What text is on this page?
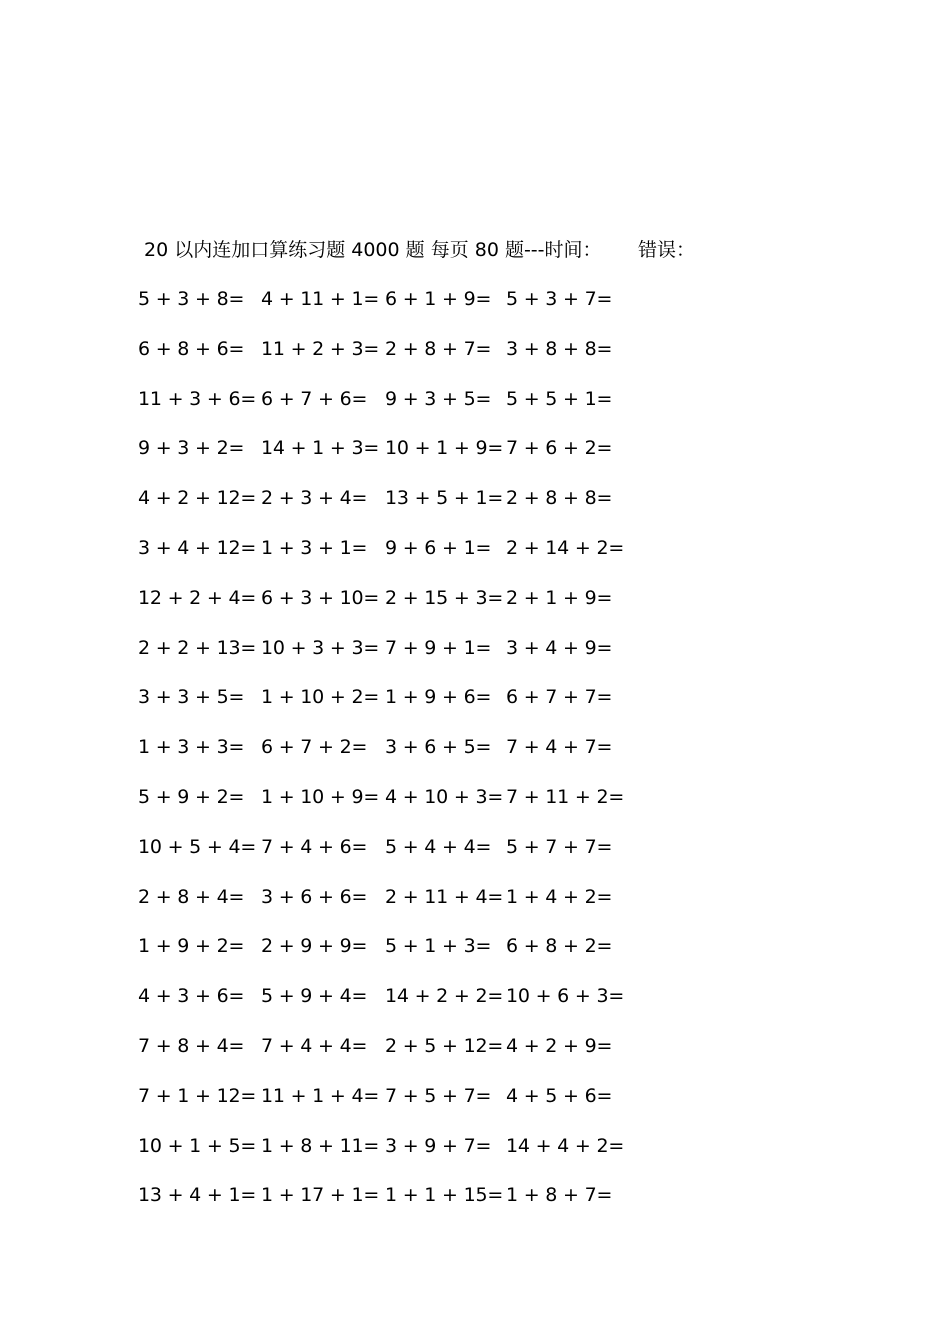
20 以内连加口算练习题 4000 题 每页 80 题---时间： 错误：
5 + 3 + 8= 4 + 11 + 1= 6 + 1 + 9= 5 + 3 + 7=
6 + 8 + 6= 11 + 2 + 3= 2 + 8 + 7= 3 + 8 + 8=
11 + 3 + 6= 6 + 7 + 6= 9 + 3 + 5= 5 + 5 + 1=
9 + 3 + 2= 14 + 1 + 3= 10 + 1 + 9= 7 + 6 + 2=
4 + 2 + 12= 2 + 3 + 4= 13 + 5 + 1= 2 + 8 + 8=
3 + 4 + 12= 1 + 3 + 1= 9 + 6 + 1= 2 + 14 + 2=
12 + 2 + 4= 6 + 3 + 10= 2 + 15 + 3= 2 + 1 + 9=
2 + 2 + 13= 10 + 3 + 3= 7 + 9 + 1= 3 + 4 + 9=
3 + 3 + 5= 1 + 10 + 2= 1 + 9 + 6= 6 + 7 + 7=
1 + 3 + 3= 6 + 7 + 2= 3 + 6 + 5= 7 + 4 + 7=
5 + 9 + 2= 1 + 10 + 9= 4 + 10 + 3= 7 + 11 + 2=
10 + 5 + 4= 7 + 4 + 6= 5 + 4 + 4= 5 + 7 + 7=
2 + 8 + 4= 3 + 6 + 6= 2 + 11 + 4= 1 + 4 + 2=
1 + 9 + 2= 2 + 9 + 9= 5 + 1 + 3= 6 + 8 + 2=
4 + 3 + 6= 5 + 9 + 4= 14 + 2 + 2= 10 + 6 + 3=
7 + 8 + 4= 7 + 4 + 4= 2 + 5 + 12= 4 + 2 + 9=
7 + 1 + 12= 11 + 1 + 4= 7 + 5 + 7= 4 + 5 + 6=
10 + 1 + 5= 1 + 8 + 11= 3 + 9 + 7= 14 + 4 + 2=
13 + 4 + 1= 1 + 17 + 1= 1 + 1 + 15= 1 + 8 + 7=
